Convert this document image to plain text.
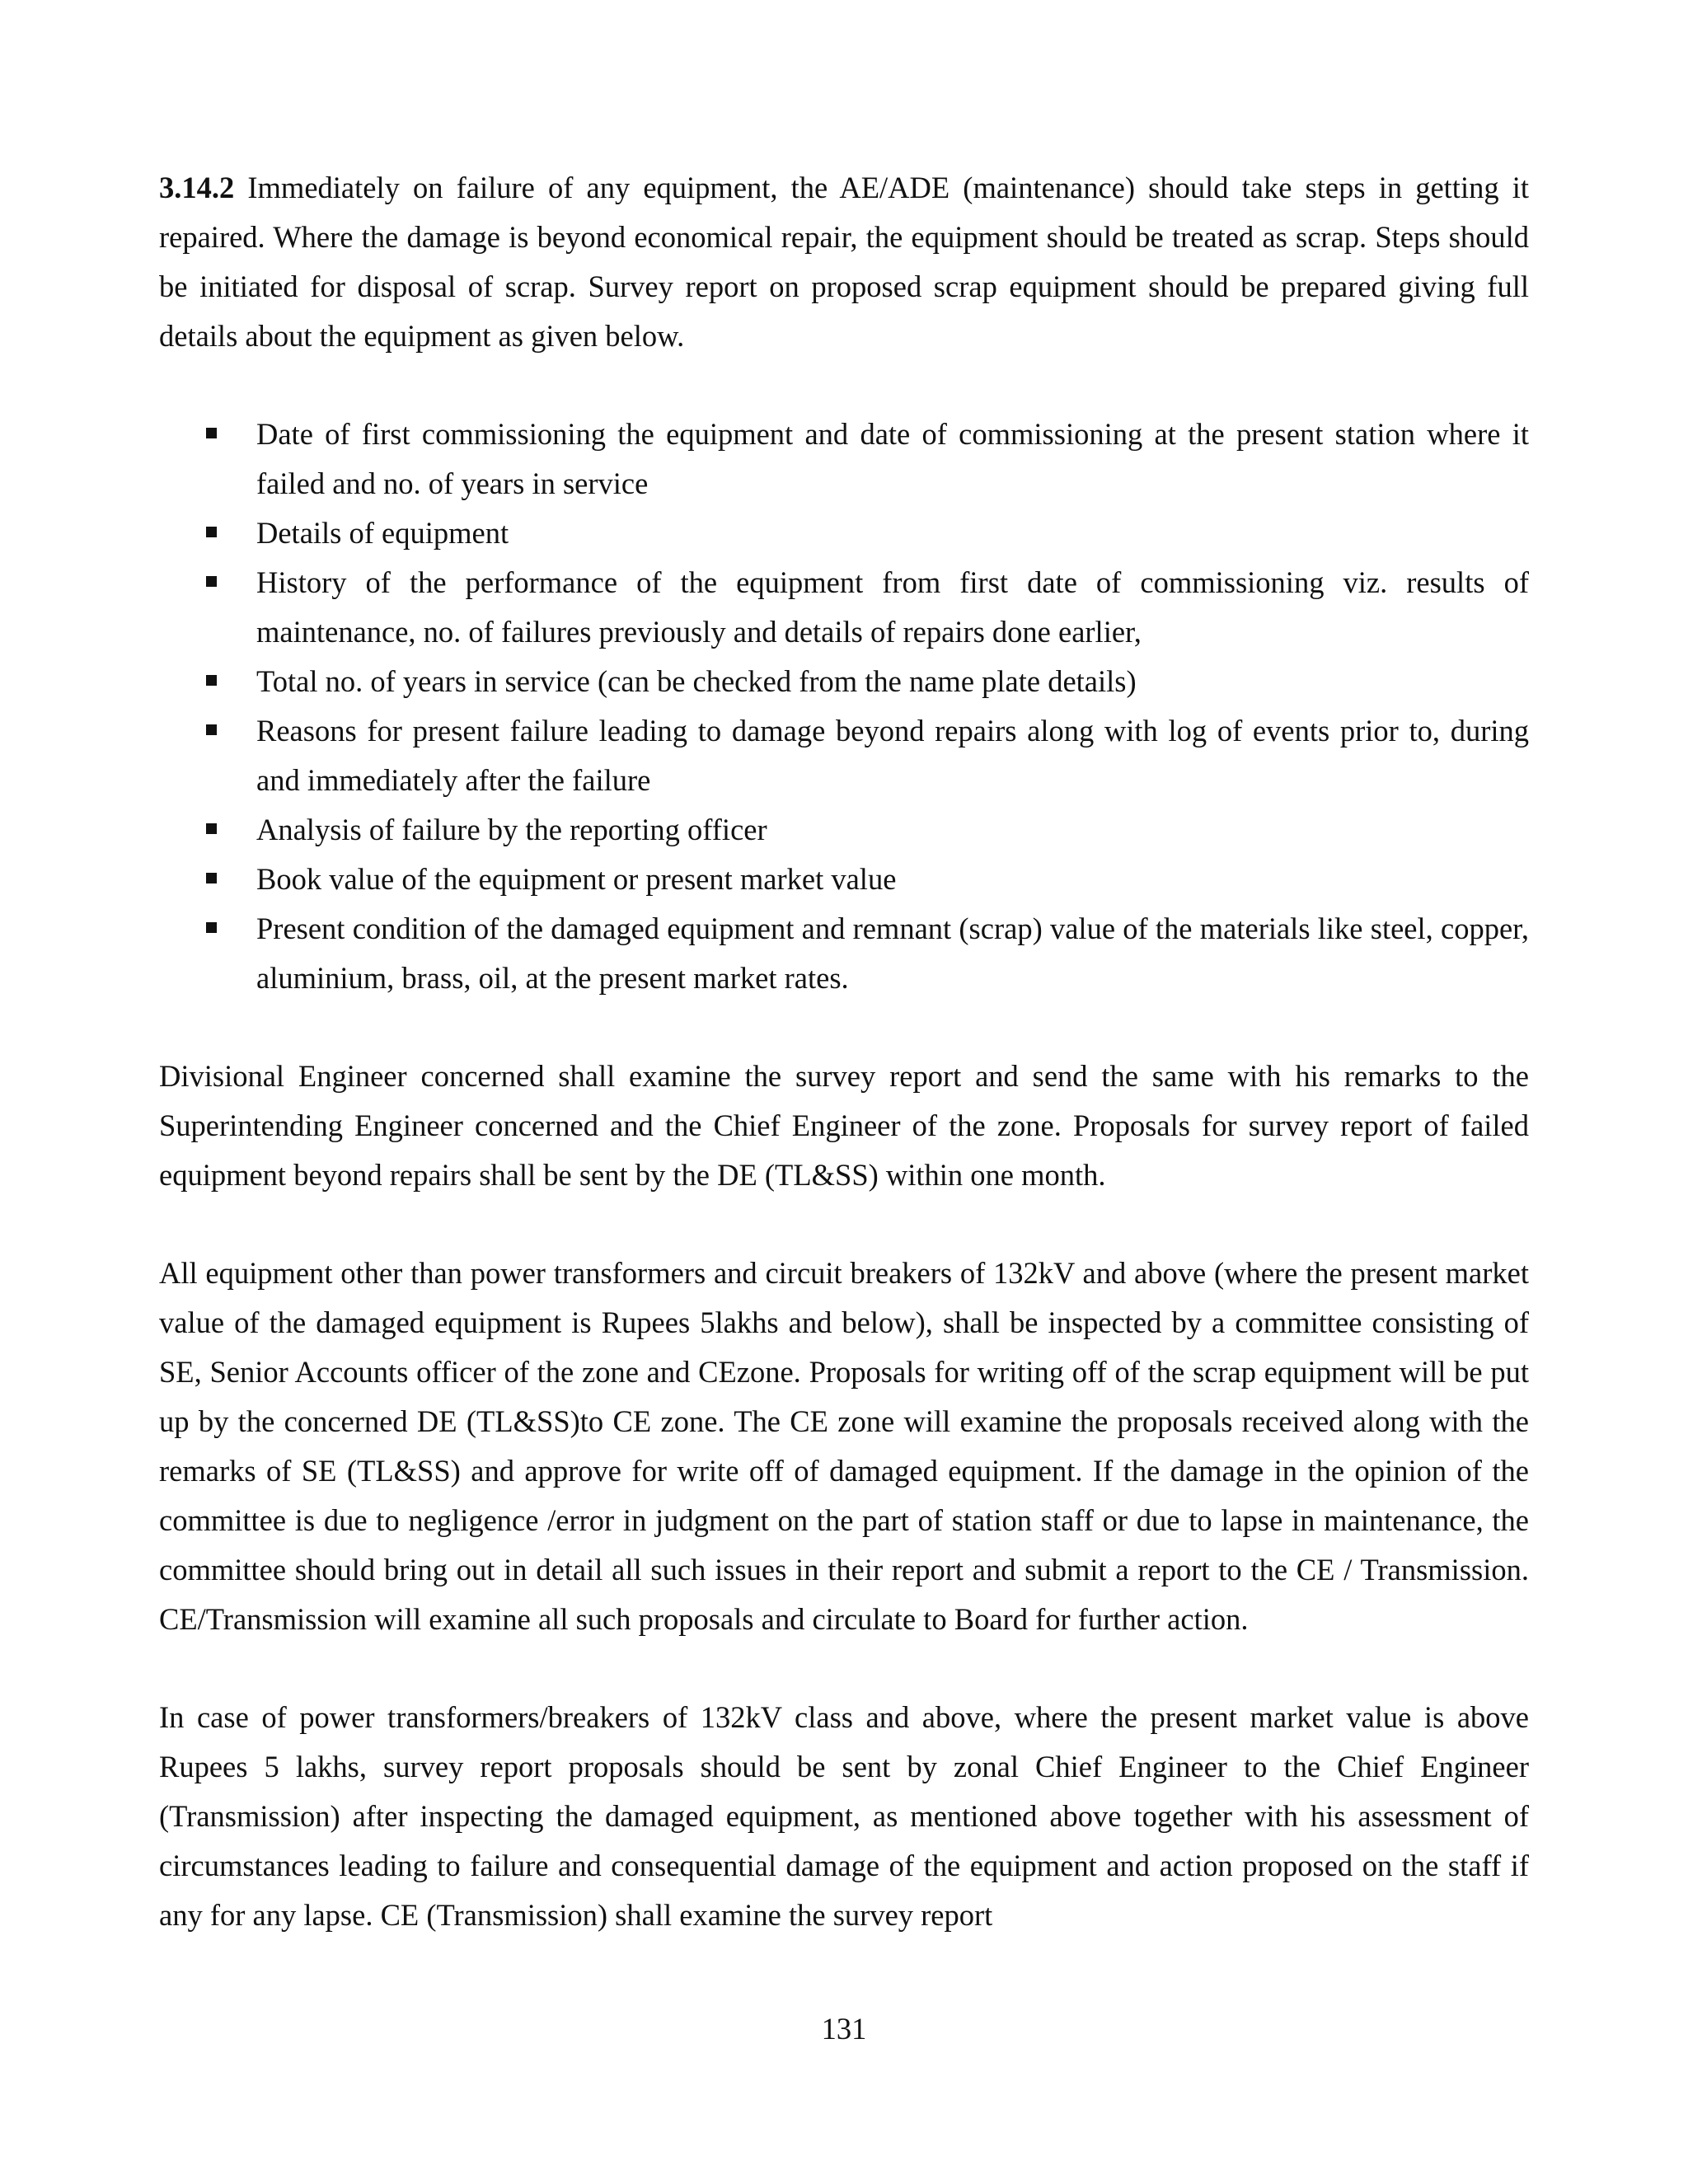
3.14.2 Immediately on failure of any equipment, the AE/ADE (maintenance) should take steps in getting it repaired. Where the damage is beyond economical repair, the equipment should be treated as scrap. Steps should be initiated for disposal of scrap. Survey report on proposed scrap equipment should be prepared giving full details about the equipment as given below.

Date of first commissioning the equipment and date of commissioning at the present station where it failed and no. of years in service
Details of equipment
History of the performance of the equipment from first date of commissioning viz. results of maintenance, no. of failures previously and details of repairs done earlier,
Total no. of years in service (can be checked from the name plate details)
Reasons for present failure leading to damage beyond repairs along with log of events prior to, during and immediately after the failure
Analysis of failure by the reporting officer
Book value of the equipment or present market value
Present condition of the damaged equipment and remnant (scrap) value of the materials like steel, copper, aluminium, brass, oil, at the present market rates.

Divisional Engineer concerned shall examine the survey report and send the same with his remarks to the Superintending Engineer concerned and the Chief Engineer of the zone. Proposals for survey report of failed equipment beyond repairs shall be sent by the DE (TL&SS) within one month.

All equipment other than power transformers and circuit breakers of 132kV and above (where the present market value of the damaged equipment is Rupees 5lakhs and below), shall be inspected by a committee consisting of SE, Senior Accounts officer of the zone and CEzone. Proposals for writing off of the scrap equipment will be put up by the concerned DE (TL&SS)to CE zone. The CE zone will examine the proposals received along with the remarks of SE (TL&SS) and approve for write off of damaged equipment. If the damage in the opinion of the committee is due to negligence /error in judgment on the part of station staff or due to lapse in maintenance, the committee should bring out in detail all such issues in their report and submit a report to the CE / Transmission. CE/Transmission will examine all such proposals and circulate to Board for further action.

In case of power transformers/breakers of 132kV class and above, where the present market value is above Rupees 5 lakhs, survey report proposals should be sent by zonal Chief Engineer to the Chief Engineer (Transmission) after inspecting the damaged equipment, as mentioned above together with his assessment of circumstances leading to failure and consequential damage of the equipment and action proposed on the staff if any for any lapse. CE (Transmission) shall examine the survey report

131
